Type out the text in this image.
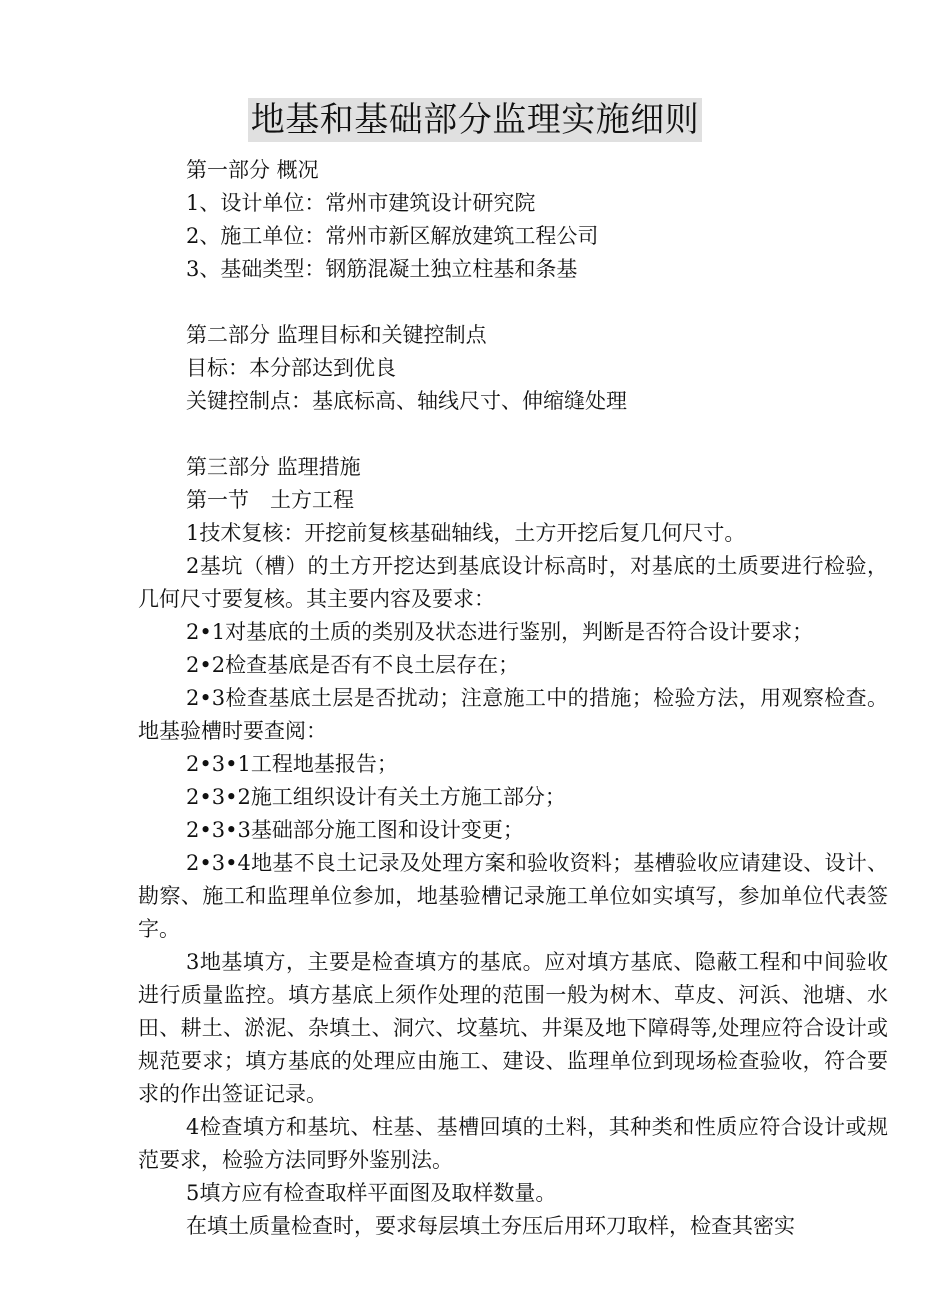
地基和基础部分监理实施细则

第一部分 概况

1、设计单位：常州市建筑设计研究院

2、施工单位：常州市新区解放建筑工程公司

3、基础类型：钢筋混凝土独立柱基和条基

第二部分 监理目标和关键控制点

目标：本分部达到优良

关键控制点：基底标高、轴线尺寸、伸缩缝处理

第三部分 监理措施

第一节　土方工程

1技术复核：开挖前复核基础轴线，土方开挖后复几何尺寸。

2基坑（槽）的土方开挖达到基底设计标高时，对基底的土质要进行检验，几何尺寸要复核。其主要内容及要求：

2•1对基底的土质的类别及状态进行鉴别，判断是否符合设计要求；

2•2检查基底是否有不良土层存在；

2•3检查基底土层是否扰动；注意施工中的措施；检验方法，用观察检查。地基验槽时要查阅：

2•3•1工程地基报告；

2•3•2施工组织设计有关土方施工部分；

2•3•3基础部分施工图和设计变更；

2•3•4地基不良土记录及处理方案和验收资料；基槽验收应请建设、设计、勘察、施工和监理单位参加，地基验槽记录施工单位如实填写，参加单位代表签字。

3地基填方，主要是检查填方的基底。应对填方基底、隐蔽工程和中间验收进行质量监控。填方基底上须作处理的范围一般为树木、草皮、河浜、池塘、水田、耕土、淤泥、杂填土、洞穴、坟墓坑、井渠及地下障碍等,处理应符合设计或规范要求；填方基底的处理应由施工、建设、监理单位到现场检查验收，符合要求的作出签证记录。

4检查填方和基坑、柱基、基槽回填的土料，其种类和性质应符合设计或规范要求，检验方法同野外鉴别法。

5填方应有检查取样平面图及取样数量。

在填土质量检查时，要求每层填土夯压后用环刀取样，检查其密实
